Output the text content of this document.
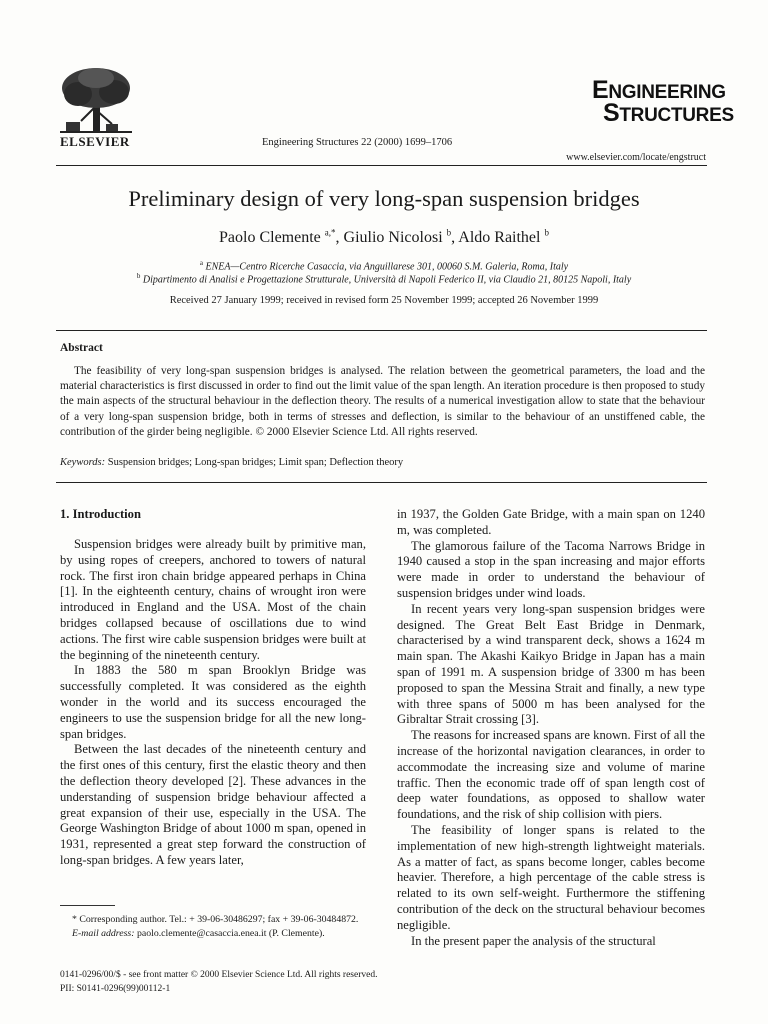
ELSEVIER	Engineering Structures 22 (2000) 1699–1706
ENGINEERING
STRUCTURES
www.elsevier.com/locate/engstruct
Preliminary design of very long-span suspension bridges
Paolo Clemente $^{a,*}$, Giulio Nicolosi $^b$, Aldo Raithel $^b$
$^a$ ENEA—Centro Ricerche Casaccia, via Anguillarese 301, 00060 S.M. Galeria, Roma, Italy
$^b$ Dipartimento di Analisi e Progettazione Strutturale, Università di Napoli Federico II, via Claudio 21, 80125 Napoli, Italy
Received 27 January 1999; received in revised form 25 November 1999; accepted 26 November 1999
Abstract
The feasibility of very long-span suspension bridges is analysed. The relation between the geometrical parameters, the load and the material characteristics is first discussed in order to find out the limit value of the span length. An iteration procedure is then proposed to study the main aspects of the structural behaviour in the deflection theory. The results of a numerical investigation allow to state that the behaviour of a very long-span suspension bridge, both in terms of stresses and deflection, is similar to the behaviour of an unstiffened cable, the contribution of the girder being negligible. © 2000 Elsevier Science Ltd. All rights reserved.
Keywords: Suspension bridges; Long-span bridges; Limit span; Deflection theory
1. Introduction

Suspension bridges were already built by primitive man, by using ropes of creepers, anchored to towers of natural rock. The first iron chain bridge appeared perhaps in China [1]. In the eighteenth century, chains of wrought iron were introduced in England and the USA. Most of the chain bridges collapsed because of oscillations due to wind actions. The first wire cable suspension bridges were built at the beginning of the nineteenth century.

In 1883 the 580 m span Brooklyn Bridge was successfully completed. It was considered as the eighth wonder in the world and its success encouraged the engineers to use the suspension bridge for all the new long-span bridges.

Between the last decades of the nineteenth century and the first ones of this century, first the elastic theory and then the deflection theory developed [2]. These advances in the understanding of suspension bridge behaviour affected a great expansion of their use, especially in the USA. The George Washington Bridge of about 1000 m span, opened in 1931, represented a great step forward the construction of long-span bridges. A few years later,

in 1937, the Golden Gate Bridge, with a main span on 1240 m, was completed.

The glamorous failure of the Tacoma Narrows Bridge in 1940 caused a stop in the span increasing and major efforts were made in order to understand the behaviour of suspension bridges under wind loads.

In recent years very long-span suspension bridges were designed. The Great Belt East Bridge in Denmark, characterised by a wind transparent deck, shows a 1624 m main span. The Akashi Kaikyo Bridge in Japan has a main span of 1991 m. A suspension bridge of 3300 m has been proposed to span the Messina Strait and finally, a new type with three spans of 5000 m has been analysed for the Gibraltar Strait crossing [3].

The reasons for increased spans are known. First of all the increase of the horizontal navigation clearances, in order to accommodate the increasing size and volume of marine traffic. Then the economic trade off of span length cost of deep water foundations, as opposed to shallow water foundations, and the risk of ship collision with piers.

The feasibility of longer spans is related to the implementation of new high-strength lightweight materials. As a matter of fact, as spans become longer, cables become heavier. Therefore, a high percentage of the cable stress is related to its own self-weight. Furthermore the stiffening contribution of the deck on the structural behaviour becomes negligible.

In the present paper the analysis of the structural

* Corresponding author. Tel.: + 39-06-30486297; fax + 39-06-30484872.
E-mail address: paolo.clemente@casaccia.enea.it (P. Clemente).
0141-0296/00/$ - see front matter © 2000 Elsevier Science Ltd. All rights reserved.
PII: S0141-0296(99)00112-1
